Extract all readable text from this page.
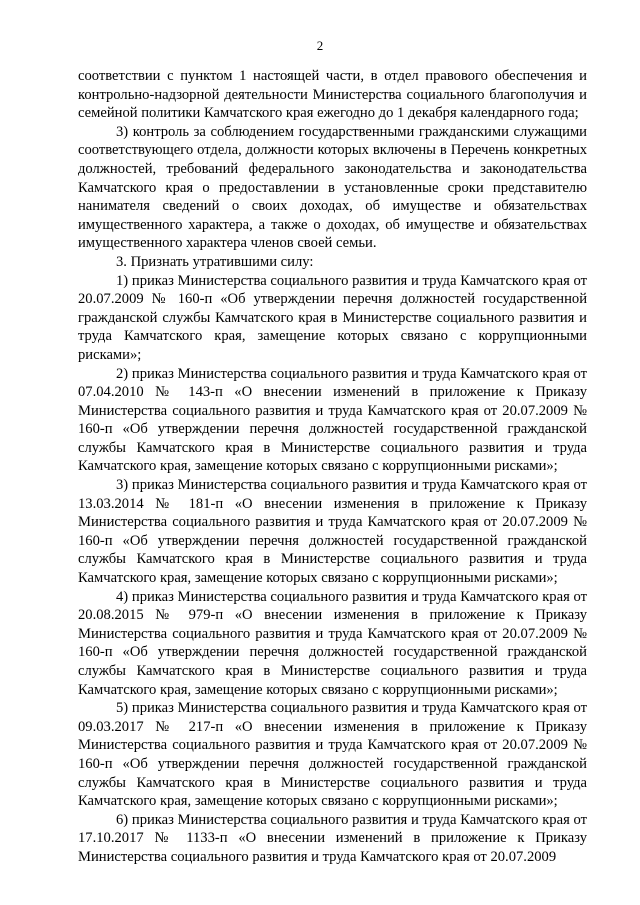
2

соответствии с пунктом 1 настоящей части, в отдел правового обеспечения и контрольно-надзорной деятельности Министерства социального благополучия и семейной политики Камчатского края ежегодно до 1 декабря календарного года;

3) контроль за соблюдением государственными гражданскими служащими соответствующего отдела, должности которых включены в Перечень конкретных должностей, требований федерального законодательства и законодательства Камчатского края о предоставлении в установленные сроки представителю нанимателя сведений о своих доходах, об имуществе и обязательствах имущественного характера, а также о доходах, об имуществе и обязательствах имущественного характера членов своей семьи.

3. Признать утратившими силу:

1) приказ Министерства социального развития и труда Камчатского края от 20.07.2009 № 160-п «Об утверждении перечня должностей государственной гражданской службы Камчатского края в Министерстве социального развития и труда Камчатского края, замещение которых связано с коррупционными рисками»;

2) приказ Министерства социального развития и труда Камчатского края от 07.04.2010 № 143-п «О внесении изменений в приложение к Приказу Министерства социального развития и труда Камчатского края от 20.07.2009 № 160-п «Об утверждении перечня должностей государственной гражданской службы Камчатского края в Министерстве социального развития и труда Камчатского края, замещение которых связано с коррупционными рисками»;

3) приказ Министерства социального развития и труда Камчатского края от 13.03.2014 № 181-п «О внесении изменения в приложение к Приказу Министерства социального развития и труда Камчатского края от 20.07.2009 № 160-п «Об утверждении перечня должностей государственной гражданской службы Камчатского края в Министерстве социального развития и труда Камчатского края, замещение которых связано с коррупционными рисками»;

4) приказ Министерства социального развития и труда Камчатского края от 20.08.2015 № 979-п «О внесении изменения в приложение к Приказу Министерства социального развития и труда Камчатского края от 20.07.2009 № 160-п «Об утверждении перечня должностей государственной гражданской службы Камчатского края в Министерстве социального развития и труда Камчатского края, замещение которых связано с коррупционными рисками»;

5) приказ Министерства социального развития и труда Камчатского края от 09.03.2017 № 217-п «О внесении изменения в приложение к Приказу Министерства социального развития и труда Камчатского края от 20.07.2009 № 160-п «Об утверждении перечня должностей государственной гражданской службы Камчатского края в Министерстве социального развития и труда Камчатского края, замещение которых связано с коррупционными рисками»;

6) приказ Министерства социального развития и труда Камчатского края от 17.10.2017 № 1133-п «О внесении изменений в приложение к Приказу Министерства социального развития и труда Камчатского края от 20.07.2009
